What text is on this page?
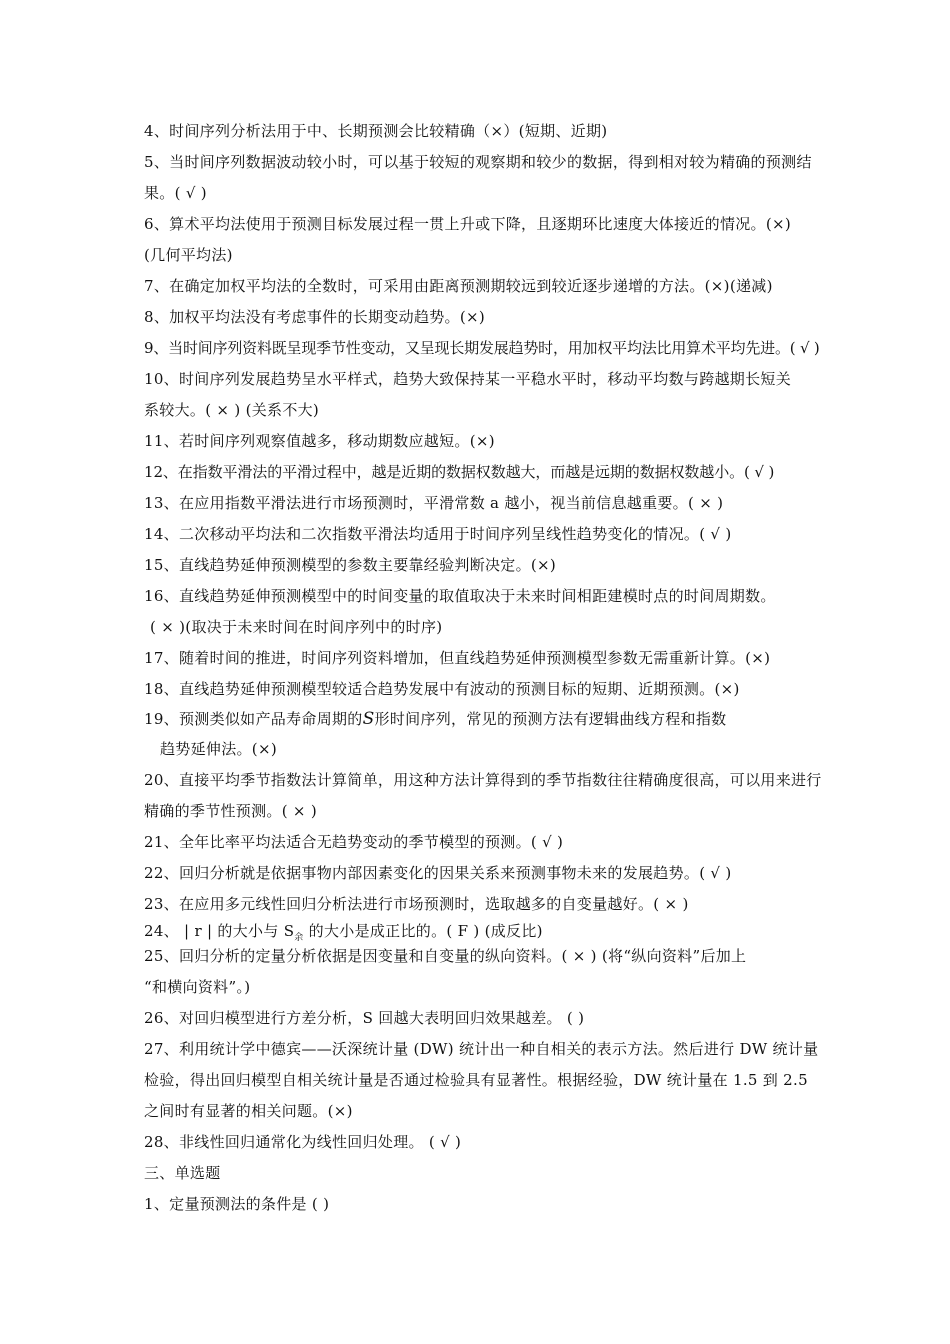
4、时间序列分析法用于中、长期预测会比较精确（×）(短期、近期)
5、当时间序列数据波动较小时，可以基于较短的观察期和较少的数据，得到相对较为精确的预测结
果。( √ )
6、算术平均法使用于预测目标发展过程一贯上升或下降，且逐期环比速度大体接近的情况。(×)
(几何平均法)
7、在确定加权平均法的全数时，可采用由距离预测期较远到较近逐步递增的方法。(×)(递减)
8、加权平均法没有考虑事件的长期变动趋势。(×)
9、当时间序列资料既呈现季节性变动，又呈现长期发展趋势时，用加权平均法比用算术平均先进。( √ )
10、时间序列发展趋势呈水平样式，趋势大致保持某一平稳水平时，移动平均数与跨越期长短关
系较大。( × ) (关系不大)
11、若时间序列观察值越多，移动期数应越短。(×)
12、在指数平滑法的平滑过程中，越是近期的数据权数越大，而越是远期的数据权数越小。( √ )
13、在应用指数平滑法进行市场预测时，平滑常数 a 越小，视当前信息越重要。( × )
14、二次移动平均法和二次指数平滑法均适用于时间序列呈线性趋势变化的情况。( √ )
15、直线趋势延伸预测模型的参数主要靠经验判断决定。(×)
16、直线趋势延伸预测模型中的时间变量的取值取决于未来时间相距建模时点的时间周期数。
( × )(取决于未来时间在时间序列中的时序)
17、随着时间的推进，时间序列资料增加，但直线趋势延伸预测模型参数无需重新计算。(×)
18、直线趋势延伸预测模型较适合趋势发展中有波动的预测目标的短期、近期预测。(×)
19、预测类似如产品寿命周期的S形时间序列，常见的预测方法有逻辑曲线方程和指数
趋势延伸法。(×)
20、直接平均季节指数法计算简单，用这种方法计算得到的季节指数往往精确度很高，可以用来进行
精确的季节性预测。( × )
21、全年比率平均法适合无趋势变动的季节模型的预测。( √ )
22、回归分析就是依据事物内部因素变化的因果关系来预测事物未来的发展趋势。( √ )
23、在应用多元线性回归分析法进行市场预测时，选取越多的自变量越好。( × )
24、 | r | 的大小与 $S_余$ 的大小是成正比的。( F ) (成反比)
25、回归分析的定量分析依据是因变量和自变量的纵向资料。( × ) (将“纵向资料”后加上
“和横向资料”。)
26、对回归模型进行方差分析，S 回越大表明回归效果越差。 ( )
27、利用统计学中德宾——沃深统计量 (DW) 统计出一种自相关的表示方法。然后进行 DW 统计量
检验，得出回归模型自相关统计量是否通过检验具有显著性。根据经验，DW 统计量在 1.5 到 2.5
之间时有显著的相关问题。(×)
28、非线性回归通常化为线性回归处理。 ( √ )
三、单选题
1、定量预测法的条件是 ( )
